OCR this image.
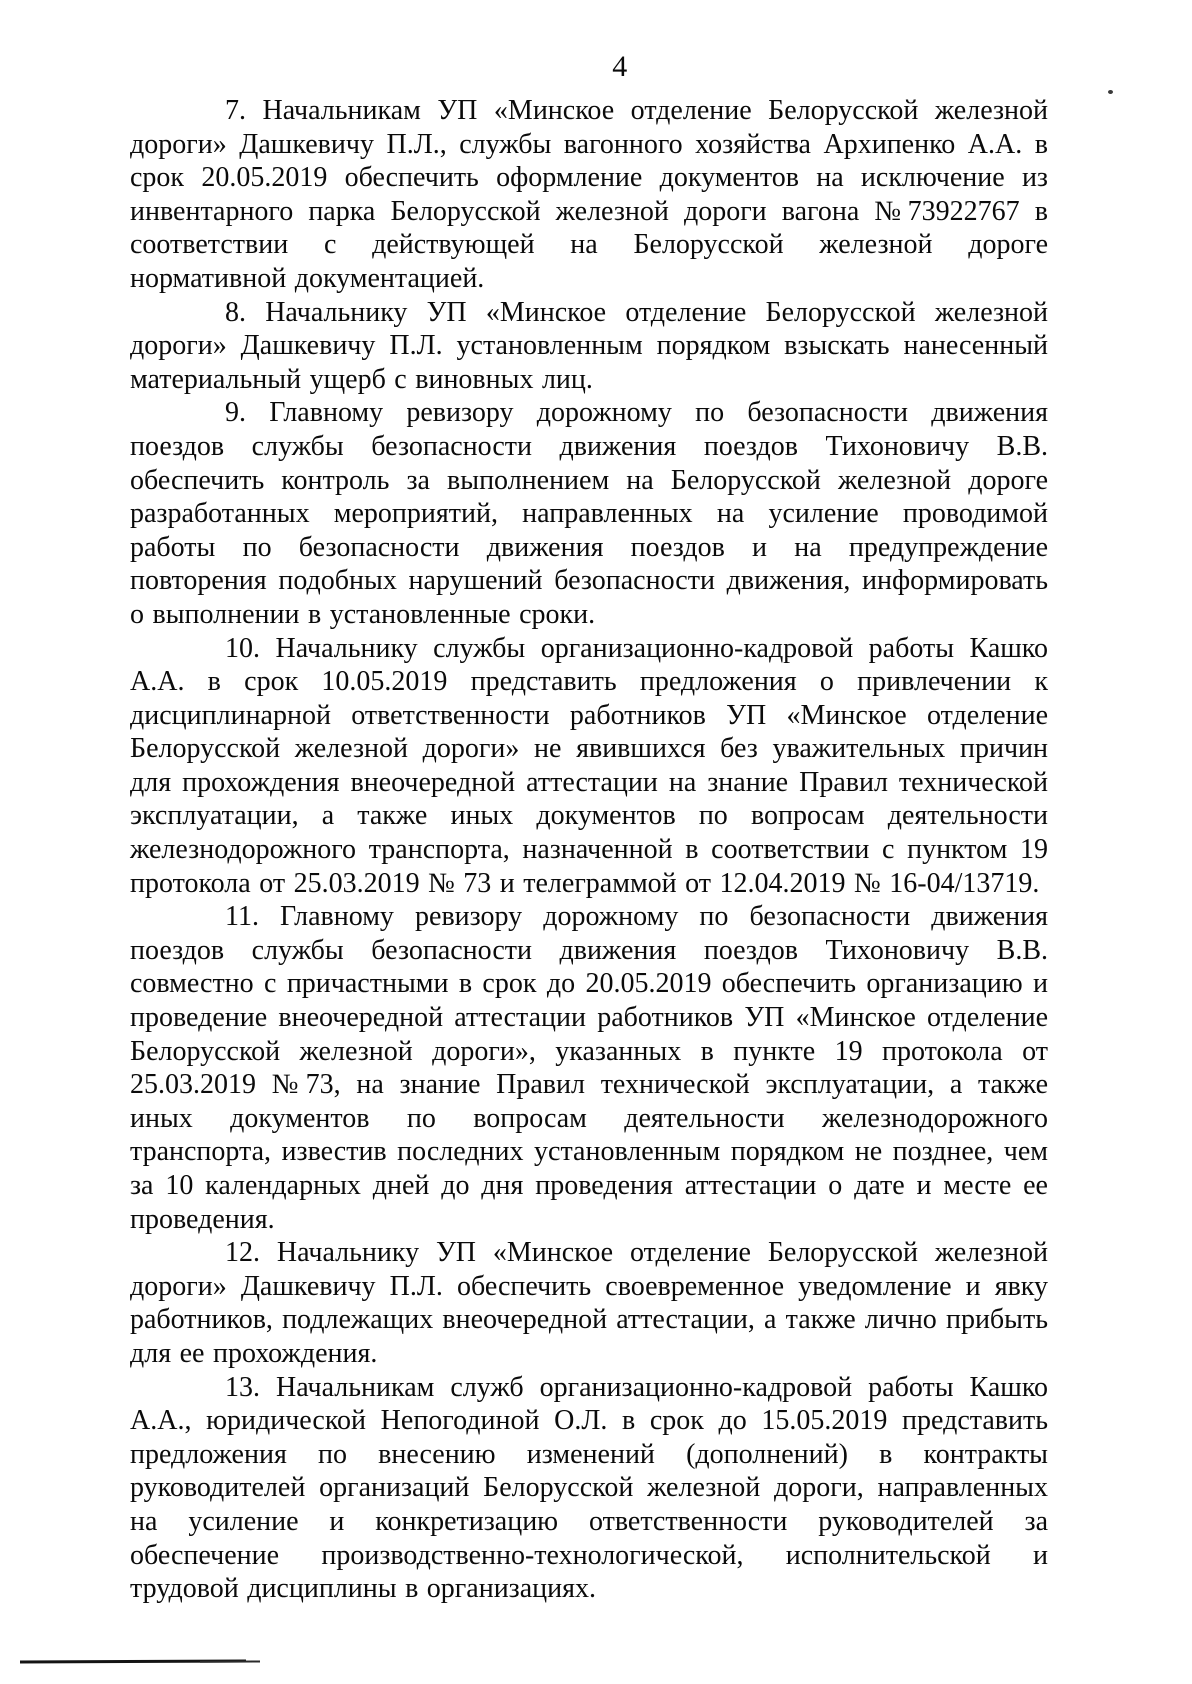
4

7. Начальникам УП «Минское отделение Белорусской железной дороги» Дашкевичу П.Л., службы вагонного хозяйства Архипенко А.А. в срок 20.05.2019 обеспечить оформление документов на исключение из инвентарного парка Белорусской железной дороги вагона №73922767 в соответствии с действующей на Белорусской железной дороге нормативной документацией.

8. Начальнику УП «Минское отделение Белорусской железной дороги» Дашкевичу П.Л. установленным порядком взыскать нанесенный материальный ущерб с виновных лиц.

9. Главному ревизору дорожному по безопасности движения поездов службы безопасности движения поездов Тихоновичу В.В. обеспечить контроль за выполнением на Белорусской железной дороге разработанных мероприятий, направленных на усиление проводимой работы по безопасности движения поездов и на предупреждение повторения подобных нарушений безопасности движения, информировать о выполнении в установленные сроки.

10. Начальнику службы организационно-кадровой работы Кашко А.А. в срок 10.05.2019 представить предложения о привлечении к дисциплинарной ответственности работников УП «Минское отделение Белорусской железной дороги» не явившихся без уважительных причин для прохождения внеочередной аттестации на знание Правил технической эксплуатации, а также иных документов по вопросам деятельности железнодорожного транспорта, назначенной в соответствии с пунктом 19 протокола от 25.03.2019 № 73 и телеграммой от 12.04.2019 № 16-04/13719.

11. Главному ревизору дорожному по безопасности движения поездов службы безопасности движения поездов Тихоновичу В.В. совместно с причастными в срок до 20.05.2019 обеспечить организацию и проведение внеочередной аттестации работников УП «Минское отделение Белорусской железной дороги», указанных в пункте 19 протокола от 25.03.2019 №73, на знание Правил технической эксплуатации, а также иных документов по вопросам деятельности железнодорожного транспорта, известив последних установленным порядком не позднее, чем за 10 календарных дней до дня проведения аттестации о дате и месте ее проведения.

12. Начальнику УП «Минское отделение Белорусской железной дороги» Дашкевичу П.Л. обеспечить своевременное уведомление и явку работников, подлежащих внеочередной аттестации, а также лично прибыть для ее прохождения.

13. Начальникам служб организационно-кадровой работы Кашко А.А., юридической Непогодиной О.Л. в срок до 15.05.2019 представить предложения по внесению изменений (дополнений) в контракты руководителей организаций Белорусской железной дороги, направленных на усиление и конкретизацию ответственности руководителей за обеспечение производственно-технологической, исполнительской и трудовой дисциплины в организациях.
